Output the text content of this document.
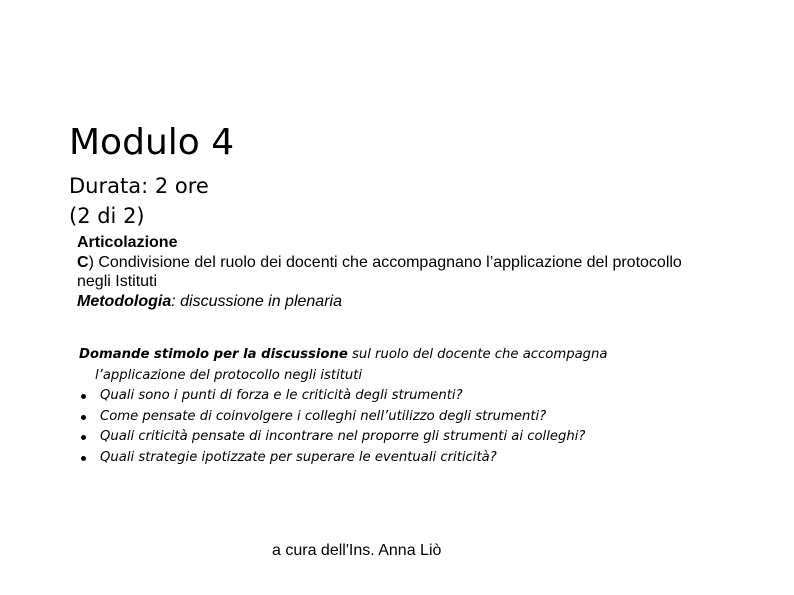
Modulo 4
Durata: 2 ore
(2 di 2)
Articolazione
C) Condivisione del ruolo dei docenti che accompagnano l’applicazione del protocollo negli Istituti
Metodologia: discussione in plenaria
Domande stimolo per la discussione sul ruolo del docente che accompagna
l’applicazione del protocollo negli istituti
Quali sono i punti di forza e le criticità degli strumenti?
Come pensate di coinvolgere i colleghi nell’utilizzo degli strumenti?
Quali criticità pensate di incontrare nel proporre gli strumenti ai colleghi?
Quali strategie ipotizzate per superare le eventuali criticità?
a cura dell'Ins. Anna Liò
